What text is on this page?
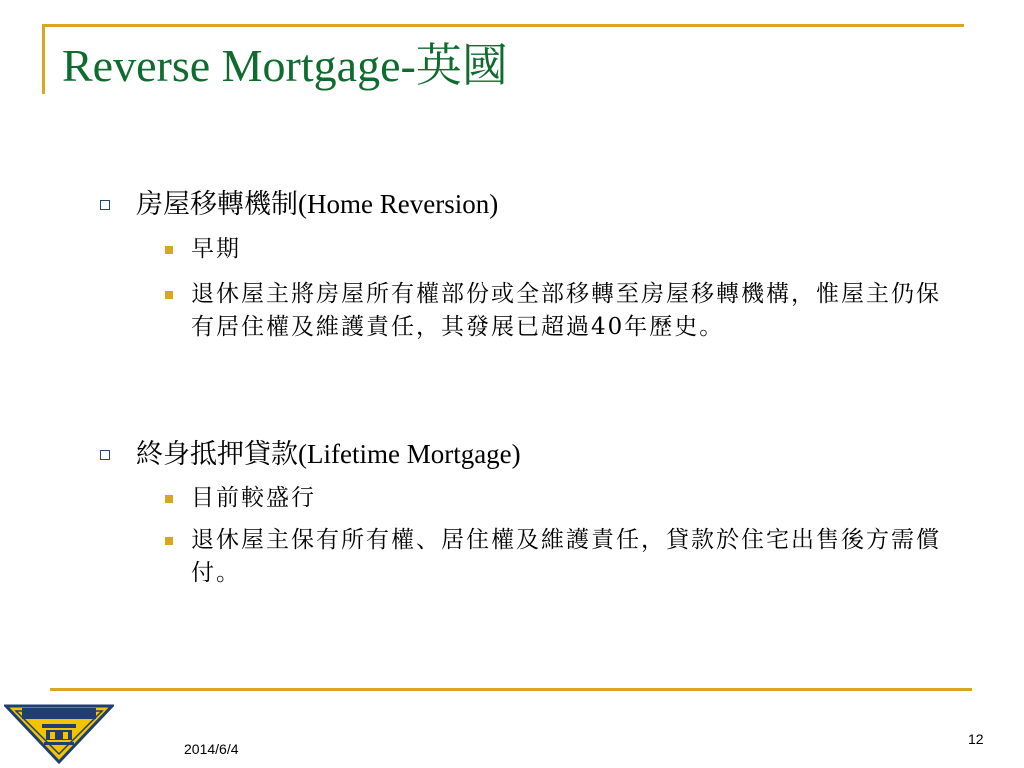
Reverse Mortgage-英國
房屋移轉機制(Home Reversion)
早期
退休屋主將房屋所有權部份或全部移轉至房屋移轉機構，惟屋主仍保有居住權及維護責任，其發展已超過40年歷史。
終身抵押貸款(Lifetime Mortgage)
目前較盛行
退休屋主保有所有權、居住權及維護責任，貸款於住宅出售後方需償付。
2014/6/4
12
